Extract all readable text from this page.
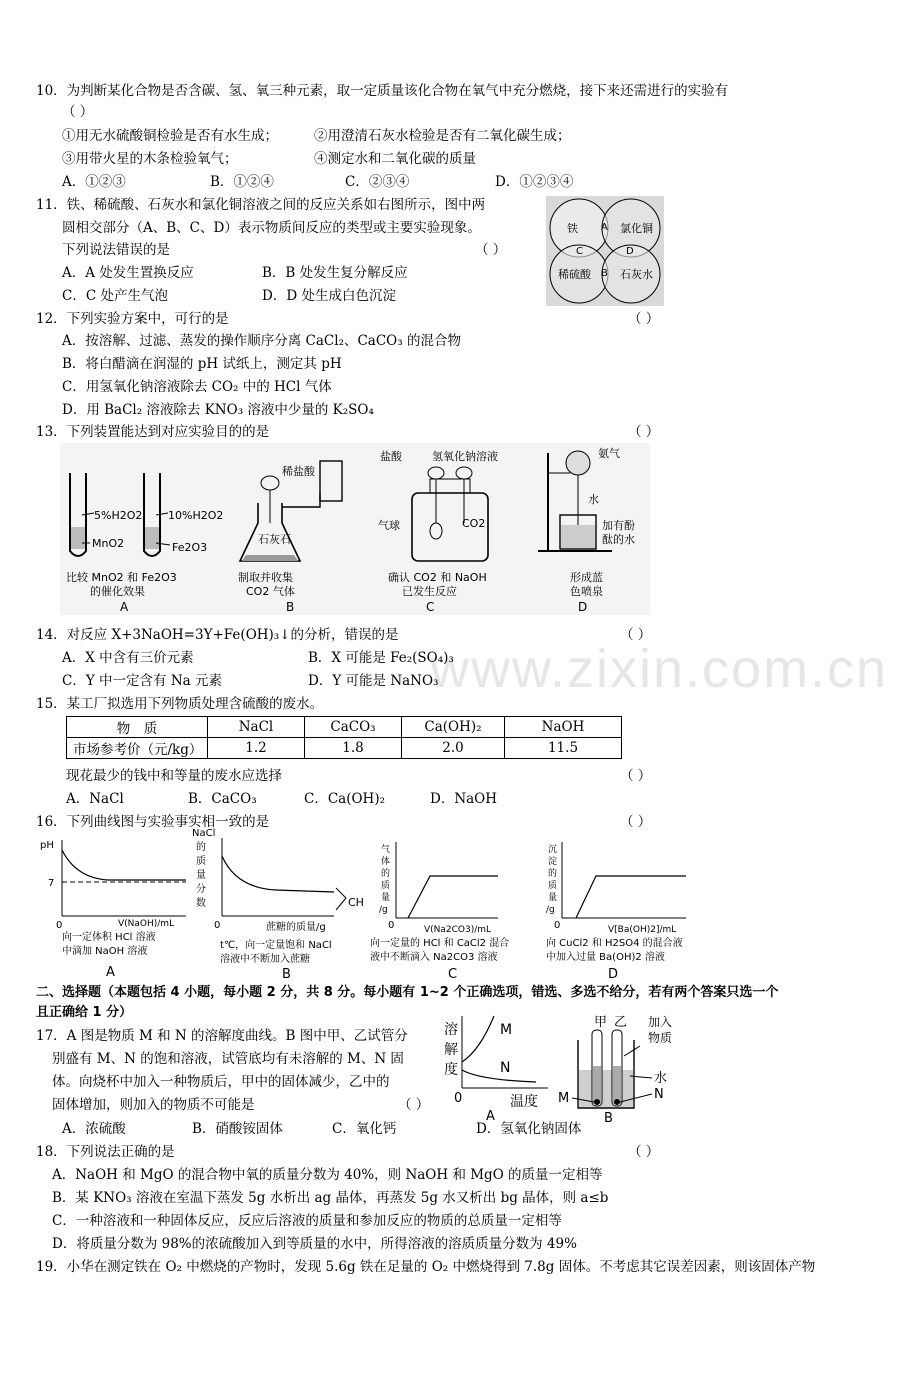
www.zixin.com.cn
10．为判断某化合物是否含碳、氢、氧三种元素，取一定质量该化合物在氧气中充分燃烧，接下来还需进行的实验有
（ ）
①用无水硫酸铜检验是否有水生成；	②用澄清石灰水检验是否有二氧化碳生成；
③用带火星的木条检验氧气；	④测定水和二氧化碳的质量
A．①②③	B．①②④	C．②③④	D．①②③④
11．铁、稀硫酸、石灰水和氯化铜溶液之间的反应关系如右图所示，图中两
圆相交部分（A、B、C、D）表示物质间反应的类型或主要实验现象。
下列说法错误的是	（ ）
A．A 处发生置换反应	B．B 处发生复分解反应
C．C 处产生气泡	D．D 处生成白色沉淀
铁	氯化铜
稀硫酸	石灰水
A
B
C	D
12．下列实验方案中，可行的是	（ ）
A．按溶解、过滤、蒸发的操作顺序分离 CaCl₂、CaCO₃ 的混合物
B．将白醋滴在润湿的 pH 试纸上，测定其 pH
C．用氢氧化钠溶液除去 CO₂ 中的 HCl 气体
D．用 BaCl₂ 溶液除去 KNO₃ 溶液中少量的 K₂SO₄
13．下列装置能达到对应实验目的的是	（ ）
5%H2O2
MnO2
10%H2O2
Fe2O3
比较 MnO2 和 Fe2O3
的催化效果
A
稀盐酸
石灰石
制取并收集
CO2 气体
B
盐酸	氢氧化钠溶液
气球	CO2
确认 CO2 和 NaOH
已发生反应
C
氨气
水
加有酚
酞的水
形成蓝
色喷泉
D
14．对反应 X+3NaOH=3Y+Fe(OH)₃↓的分析，错误的是	（ ）
A．X 中含有三价元素	B．X 可能是 Fe₂(SO₄)₃
C．Y 中一定含有 Na 元素	D．Y 可能是 NaNO₃
15．某工厂拟选用下列物质处理含硫酸的废水。
物　质	NaCl	CaCO₃	Ca(OH)₂	NaOH
市场参考价（元/kg）	1.2	1.8	2.0	11.5
现花最少的钱中和等量的废水应选择	（ ）
A．NaCl	B．CaCO₃	C．Ca(OH)₂	D．NaOH
16．下列曲线图与实验事实相一致的是	（ ）
pH
7
0	V(NaOH)/mL
向一定体积 HCl 溶液
中滴加 NaOH 溶液
A
NaCl
的
质
量
分
数
0	蔗糖的质量/g
CH
t℃，向一定量饱和 NaCl
溶液中不断加入蔗糖
B
气
体
的
质
量
/g
0	V(Na2CO3)/mL
向一定量的 HCl 和 CaCl2 混合
液中不断滴入 Na2CO3 溶液
C
沉
淀
的
质
量
/g
0	V[Ba(OH)2]/mL
向 CuCl2 和 H2SO4 的混合液
中加入过量 Ba(OH)2 溶液
D
二、选择题（本题包括 4 小题，每小题 2 分，共 8 分。每小题有 1~2 个正确选项，错选、多选不给分，若有两个答案只选一个
且正确给 1 分）
17．A 图是物质 M 和 N 的溶解度曲线。B 图中甲、乙试管分
别盛有 M、N 的饱和溶液，试管底均有未溶解的 M、N 固
体。向烧杯中加入一种物质后，甲中的固体减少，乙中的
固体增加，则加入的物质不可能是	（ ）
A．浓硫酸	B．硝酸铵固体	C．氧化钙	D．氢氧化钠固体
溶
解
度
M
N
0	温度
A
甲 乙 加入
物质
M
水
N
B
18．下列说法正确的是	（ ）
A．NaOH 和 MgO 的混合物中氧的质量分数为 40%，则 NaOH 和 MgO 的质量一定相等
B．某 KNO₃ 溶液在室温下蒸发 5g 水析出 ag 晶体，再蒸发 5g 水又析出 bg 晶体，则 a≤b
C．一种溶液和一种固体反应，反应后溶液的质量和参加反应的物质的总质量一定相等
D．将质量分数为 98%的浓硫酸加入到等质量的水中，所得溶液的溶质质量分数为 49%
19．小华在测定铁在 O₂ 中燃烧的产物时，发现 5.6g 铁在足量的 O₂ 中燃烧得到 7.8g 固体。不考虑其它误差因素，则该固体产物
